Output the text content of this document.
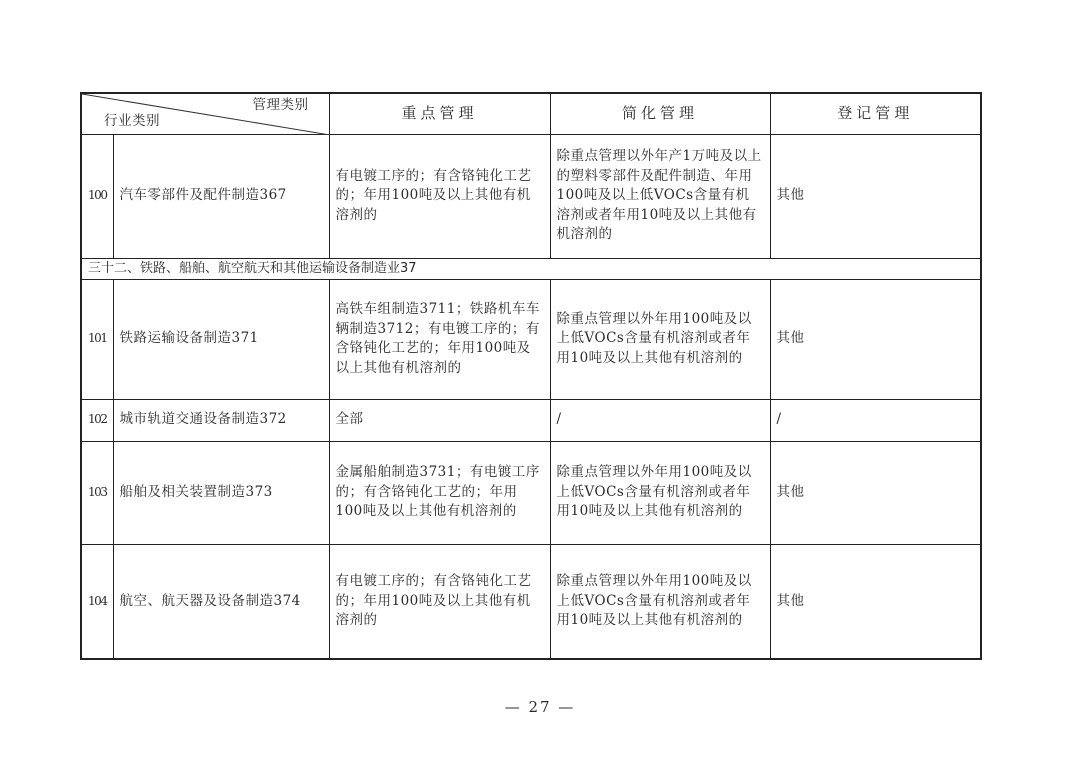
管理类别
行业类别		重点管理	简化管理	登记管理
100	汽车零部件及配件制造367	有电镀工序的；有含铬钝化工艺的；年用100吨及以上其他有机溶剂的	除重点管理以外年产1万吨及以上的塑料零部件及配件制造、年用100吨及以上低VOCs含量有机溶剂或者年用10吨及以上其他有机溶剂的	其他
三十二、铁路、船舶、航空航天和其他运输设备制造业37				
101	铁路运输设备制造371	高铁车组制造3711；铁路机车车辆制造3712；有电镀工序的；有含铬钝化工艺的；年用100吨及以上其他有机溶剂的	除重点管理以外年用100吨及以上低VOCs含量有机溶剂或者年用10吨及以上其他有机溶剂的	其他
102	城市轨道交通设备制造372	全部	/	/
103	船舶及相关装置制造373	金属船舶制造3731；有电镀工序的；有含铬钝化工艺的；年用100吨及以上其他有机溶剂的	除重点管理以外年用100吨及以上低VOCs含量有机溶剂或者年用10吨及以上其他有机溶剂的	其他
104	航空、航天器及设备制造374	有电镀工序的；有含铬钝化工艺的；年用100吨及以上其他有机溶剂的	除重点管理以外年用100吨及以上低VOCs含量有机溶剂或者年用10吨及以上其他有机溶剂的	其他
— 27 —
